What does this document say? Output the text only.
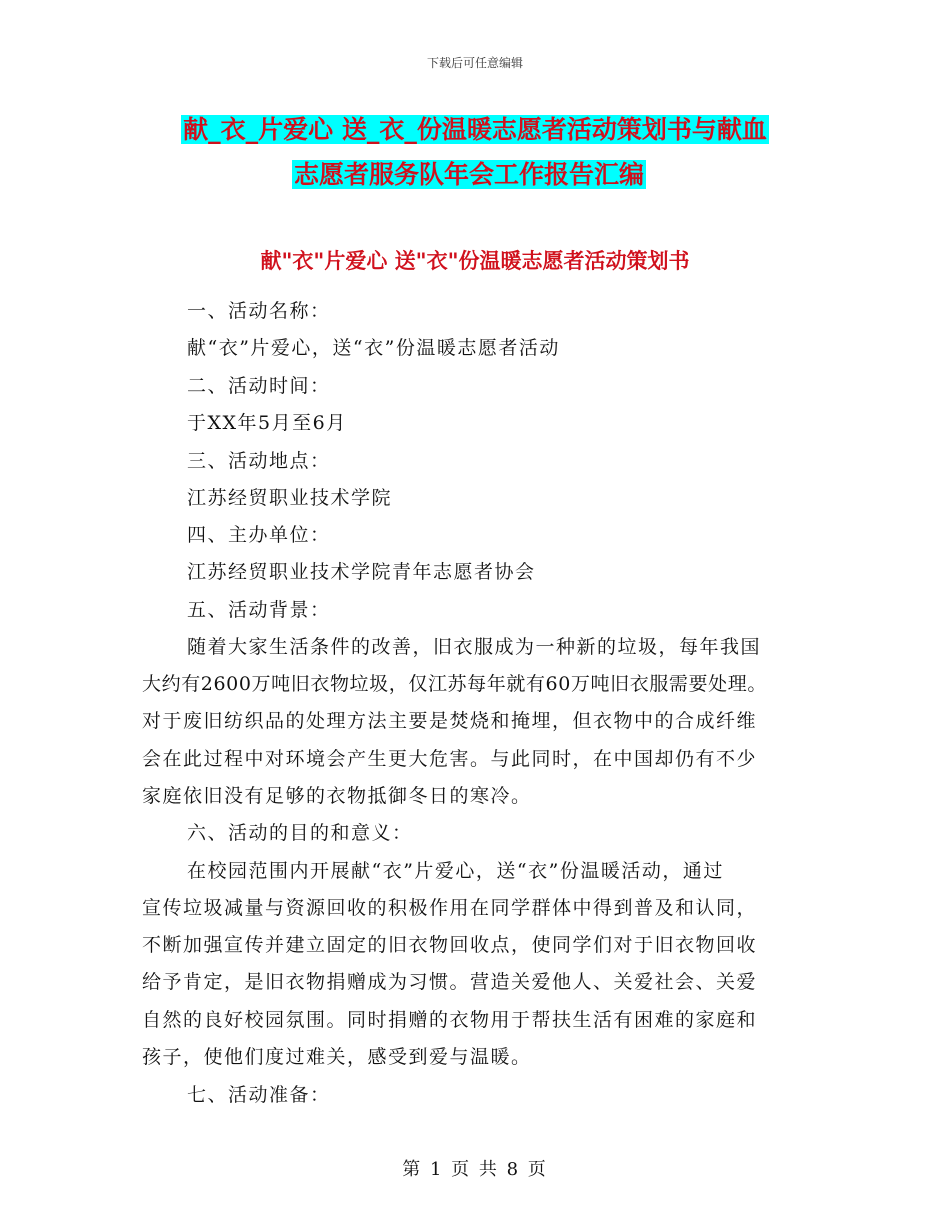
下载后可任意编辑
献_衣_片爱心 送_衣_份温暖志愿者活动策划书与献血
志愿者服务队年会工作报告汇编
献"衣"片爱心 送"衣"份温暖志愿者活动策划书
一、活动名称：
献“衣”片爱心，送“衣”份温暖志愿者活动
二、活动时间：
于XX年5月至6月
三、活动地点：
江苏经贸职业技术学院
四、主办单位：
江苏经贸职业技术学院青年志愿者协会
五、活动背景：
随着大家生活条件的改善，旧衣服成为一种新的垃圾，每年我国
大约有2600万吨旧衣物垃圾，仅江苏每年就有60万吨旧衣服需要处理。
对于废旧纺织品的处理方法主要是焚烧和掩埋，但衣物中的合成纤维
会在此过程中对环境会产生更大危害。与此同时，在中国却仍有不少
家庭依旧没有足够的衣物抵御冬日的寒冷。
六、活动的目的和意义：
在校园范围内开展献“衣”片爱心，送“衣”份温暖活动，通过
宣传垃圾减量与资源回收的积极作用在同学群体中得到普及和认同，
不断加强宣传并建立固定的旧衣物回收点，使同学们对于旧衣物回收
给予肯定，是旧衣物捐赠成为习惯。营造关爱他人、关爱社会、关爱
自然的良好校园氛围。同时捐赠的衣物用于帮扶生活有困难的家庭和
孩子，使他们度过难关，感受到爱与温暖。
七、活动准备：
第 1 页 共 8 页
